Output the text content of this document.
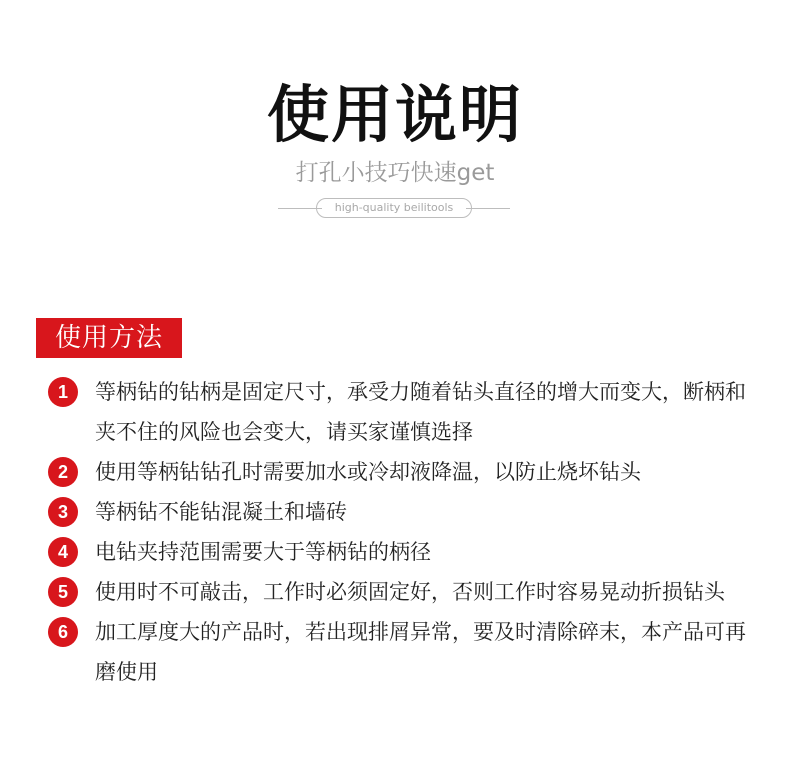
使用说明
打孔小技巧快速get
high-quality beilitools
使用方法
1	等柄钻的钻柄是固定尺寸，承受力随着钻头直径的增大而变大，断柄和夹不住的风险也会变大，请买家谨慎选择
2	使用等柄钻钻孔时需要加水或冷却液降温，以防止烧坏钻头
3	等柄钻不能钻混凝土和墙砖
4	电钻夹持范围需要大于等柄钻的柄径
5	使用时不可敲击，工作时必须固定好，否则工作时容易晃动折损钻头
6	加工厚度大的产品时，若出现排屑异常，要及时清除碎末，本产品可再磨使用
